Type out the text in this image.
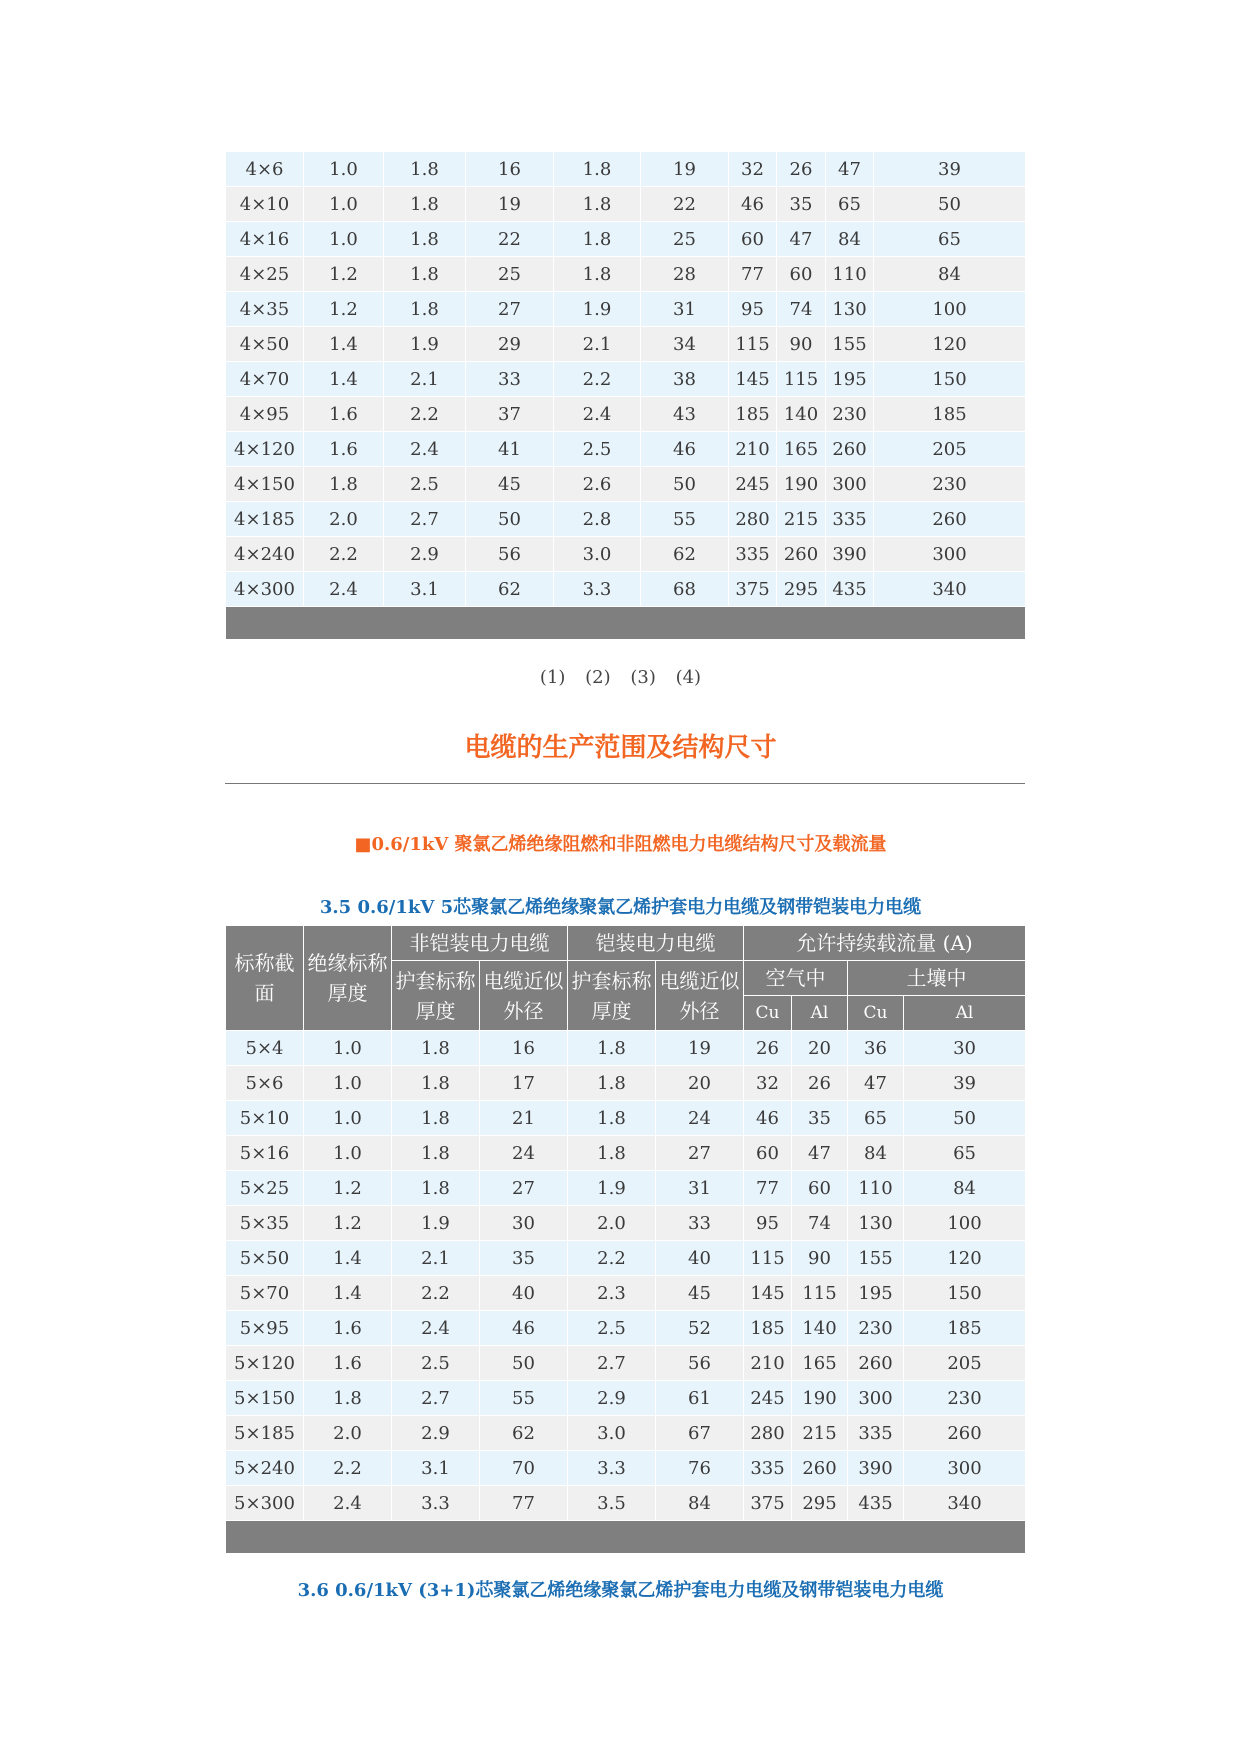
4×6	1.0	1.8	16	1.8	19	32	26	47	39
4×10	1.0	1.8	19	1.8	22	46	35	65	50
4×16	1.0	1.8	22	1.8	25	60	47	84	65
4×25	1.2	1.8	25	1.8	28	77	60	110	84
4×35	1.2	1.8	27	1.9	31	95	74	130	100
4×50	1.4	1.9	29	2.1	34	115	90	155	120
4×70	1.4	2.1	33	2.2	38	145	115	195	150
4×95	1.6	2.2	37	2.4	43	185	140	230	185
4×120	1.6	2.4	41	2.5	46	210	165	260	205
4×150	1.8	2.5	45	2.6	50	245	190	300	230
4×185	2.0	2.7	50	2.8	55	280	215	335	260
4×240	2.2	2.9	56	3.0	62	335	260	390	300
4×300	2.4	3.1	62	3.3	68	375	295	435	340

(1) (2) (3) (4)
电缆的生产范围及结构尺寸
■0.6/1kV 聚氯乙烯绝缘阻燃和非阻燃电力电缆结构尺寸及载流量
3.5 0.6/1kV 5芯聚氯乙烯绝缘聚氯乙烯护套电力电缆及钢带铠装电力电缆
标称截面	绝缘标称厚度	非铠装电力电缆		铠装电力电缆		允许持续载流量 (A)			
		护套标称厚度	电缆近似外径	护套标称厚度	电缆近似外径	空气中		土壤中	
						Cu	Al	Cu	Al
5×4	1.0	1.8	16	1.8	19	26	20	36	30
5×6	1.0	1.8	17	1.8	20	32	26	47	39
5×10	1.0	1.8	21	1.8	24	46	35	65	50
5×16	1.0	1.8	24	1.8	27	60	47	84	65
5×25	1.2	1.8	27	1.9	31	77	60	110	84
5×35	1.2	1.9	30	2.0	33	95	74	130	100
5×50	1.4	2.1	35	2.2	40	115	90	155	120
5×70	1.4	2.2	40	2.3	45	145	115	195	150
5×95	1.6	2.4	46	2.5	52	185	140	230	185
5×120	1.6	2.5	50	2.7	56	210	165	260	205
5×150	1.8	2.7	55	2.9	61	245	190	300	230
5×185	2.0	2.9	62	3.0	67	280	215	335	260
5×240	2.2	3.1	70	3.3	76	335	260	390	300
5×300	2.4	3.3	77	3.5	84	375	295	435	340

3.6 0.6/1kV (3+1)芯聚氯乙烯绝缘聚氯乙烯护套电力电缆及钢带铠装电力电缆
